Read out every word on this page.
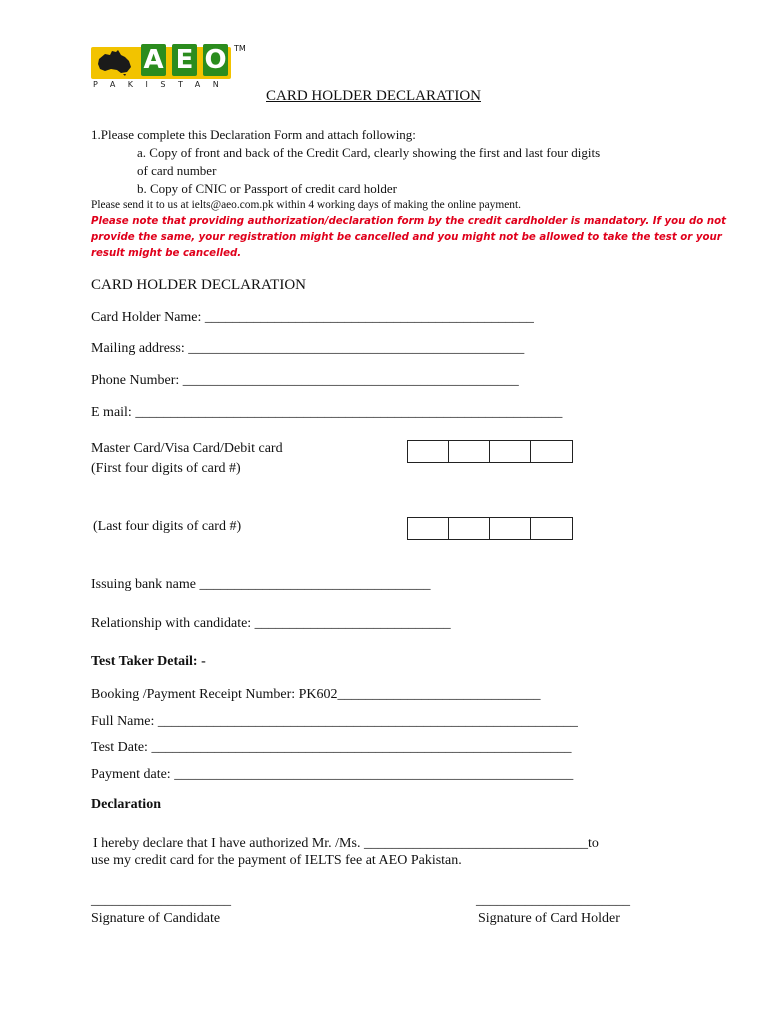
A E O TM
PAKISTAN
CARD HOLDER DECLARATION
1.Please complete this Declaration Form and attach following:
a. Copy of front and back of the Credit Card, clearly showing the first and last four digits
of card number
b. Copy of CNIC or Passport of credit card holder
Please send it to us at ielts@aeo.com.pk within 4 working days of making the online payment.
Please note that providing authorization/declaration form by the credit cardholder is mandatory. If you do not
provide the same, your registration might be cancelled and you might not be allowed to take the test or your
result might be cancelled.
CARD HOLDER DECLARATION
Card Holder Name: _______________________________________________
Mailing address: ________________________________________________
Phone Number: ________________________________________________
E mail: _____________________________________________________________
Master Card/Visa Card/Debit card
(First four digits of card #)
(Last four digits of card #)
Issuing bank name _________________________________
Relationship with candidate: ____________________________
Test Taker Detail: -
Booking /Payment Receipt Number: PK602_____________________________
Full Name: ____________________________________________________________
Test Date: ____________________________________________________________
Payment date: _________________________________________________________
Declaration
I hereby declare that I have authorized Mr. /Ms. ________________________________to
use my credit card for the payment of IELTS fee at AEO Pakistan.
____________________
Signature of Candidate
______________________
Signature of Card Holder
